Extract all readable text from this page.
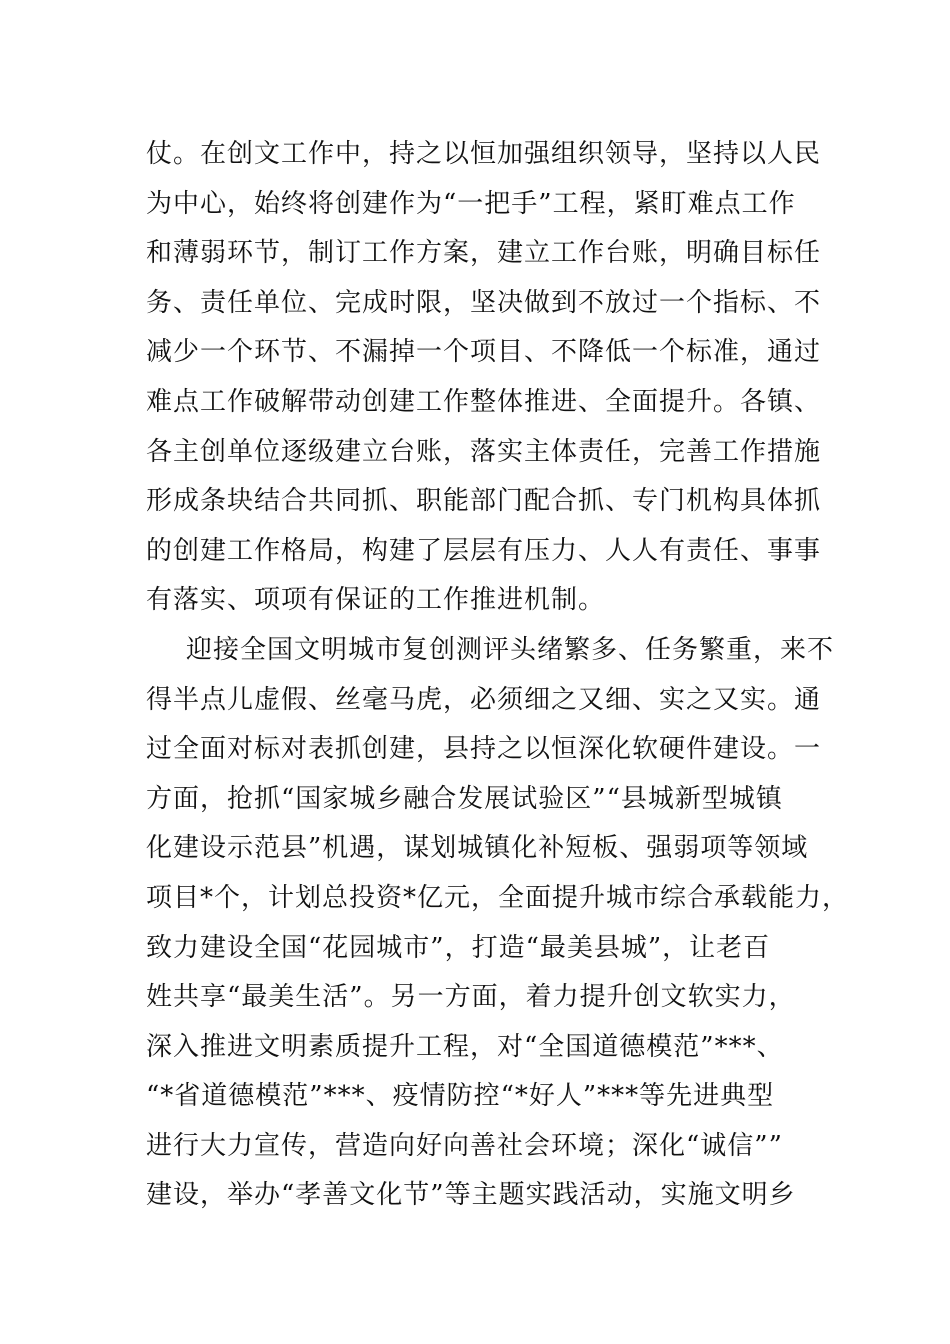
仗。在创文工作中，持之以恒加强组织领导，坚持以人民
为中心，始终将创建作为“一把手”工程，紧盯难点工作
和薄弱环节，制订工作方案，建立工作台账，明确目标任
务、责任单位、完成时限，坚决做到不放过一个指标、不
减少一个环节、不漏掉一个项目、不降低一个标准，通过
难点工作破解带动创建工作整体推进、全面提升。各镇、
各主创单位逐级建立台账，落实主体责任，完善工作措施
形成条块结合共同抓、职能部门配合抓、专门机构具体抓
的创建工作格局，构建了层层有压力、人人有责任、事事
有落实、项项有保证的工作推进机制。
迎接全国文明城市复创测评头绪繁多、任务繁重，来不
得半点儿虚假、丝毫马虎，必须细之又细、实之又实。通
过全面对标对表抓创建，县持之以恒深化软硬件建设。一
方面，抢抓“国家城乡融合发展试验区”“县城新型城镇
化建设示范县”机遇，谋划城镇化补短板、强弱项等领域
项目*个，计划总投资*亿元，全面提升城市综合承载能力，
致力建设全国“花园城市”，打造“最美县城”，让老百
姓共享“最美生活”。另一方面，着力提升创文软实力，
深入推进文明素质提升工程，对“全国道德模范”***、
“*省道德模范”***、疫情防控“*好人”***等先进典型
进行大力宣传，营造向好向善社会环境；深化“诚信””
建设，举办“孝善文化节”等主题实践活动，实施文明乡
